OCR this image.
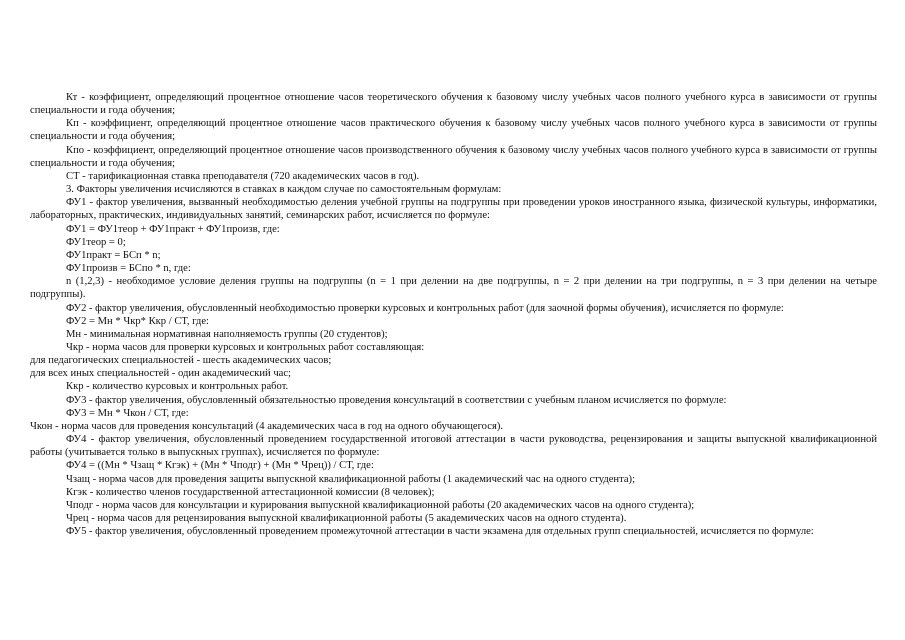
Кт - коэффициент, определяющий процентное отношение часов теоретического обучения к базовому числу учебных часов полного учебного курса в зависимости от группы специальности и года обучения;

Кп - коэффициент, определяющий процентное отношение часов практического обучения к базовому числу учебных часов полного учебного курса в зависимости от группы специальности и года обучения;

Кпо - коэффициент, определяющий процентное отношение часов производственного обучения к базовому числу учебных часов полного учебного курса в зависимости от группы специальности и года обучения;

СТ - тарификационная ставка преподавателя (720 академических часов в год).

3. Факторы увеличения исчисляются в ставках в каждом случае по самостоятельным формулам:

ФУ1 - фактор увеличения, вызванный необходимостью деления учебной группы на подгруппы при проведении уроков иностранного языка, физической культуры, информатики, лабораторных, практических, индивидуальных занятий, семинарских работ, исчисляется по формуле:

ФУ1 = ФУ1теор + ФУ1практ + ФУ1произв, где:

ФУ1теор = 0;

ФУ1практ = БСп * n;

ФУ1произв = БСпо * n, где:

n (1,2,3) - необходимое условие деления группы на подгруппы (n = 1 при делении на две подгруппы, n = 2 при делении на три подгруппы, n = 3 при делении на четыре подгруппы).

ФУ2 - фактор увеличения, обусловленный необходимостью проверки курсовых и контрольных работ (для заочной формы обучения), исчисляется по формуле:

ФУ2 = Мн * Чкр* Ккр / СТ, где:

Мн - минимальная нормативная наполняемость группы (20 студентов);

Чкр - норма часов для проверки курсовых и контрольных работ составляющая:

для педагогических специальностей - шесть академических часов;

для всех иных специальностей - один академический час;

Ккр - количество курсовых и контрольных работ.

ФУ3 - фактор увеличения, обусловленный обязательностью проведения консультаций в соответствии с учебным планом исчисляется по формуле:

ФУ3 = Мн * Чкон / СТ, где:

Чкон - норма часов для проведения консультаций (4 академических часа в год на одного обучающегося).

ФУ4 - фактор увеличения, обусловленный проведением государственной итоговой аттестации в части руководства, рецензирования и защиты выпускной квалификационной работы (учитывается только в выпускных группах), исчисляется по формуле:

ФУ4 = ((Мн * Чзащ * Кгэк) + (Мн * Чподг) + (Мн * Чрец)) / СТ, где:

Чзащ - норма часов для проведения защиты выпускной квалификационной работы (1 академический час на одного студента);

Кгэк - количество членов государственной аттестационной комиссии (8 человек);

Чподг - норма часов для консультации и курирования выпускной квалификационной работы (20 академических часов на одного студента);

Чрец - норма часов для рецензирования выпускной квалификационной работы (5 академических часов на одного студента).

ФУ5 - фактор увеличения, обусловленный проведением промежуточной аттестации в части экзамена для отдельных групп специальностей, исчисляется по формуле:
